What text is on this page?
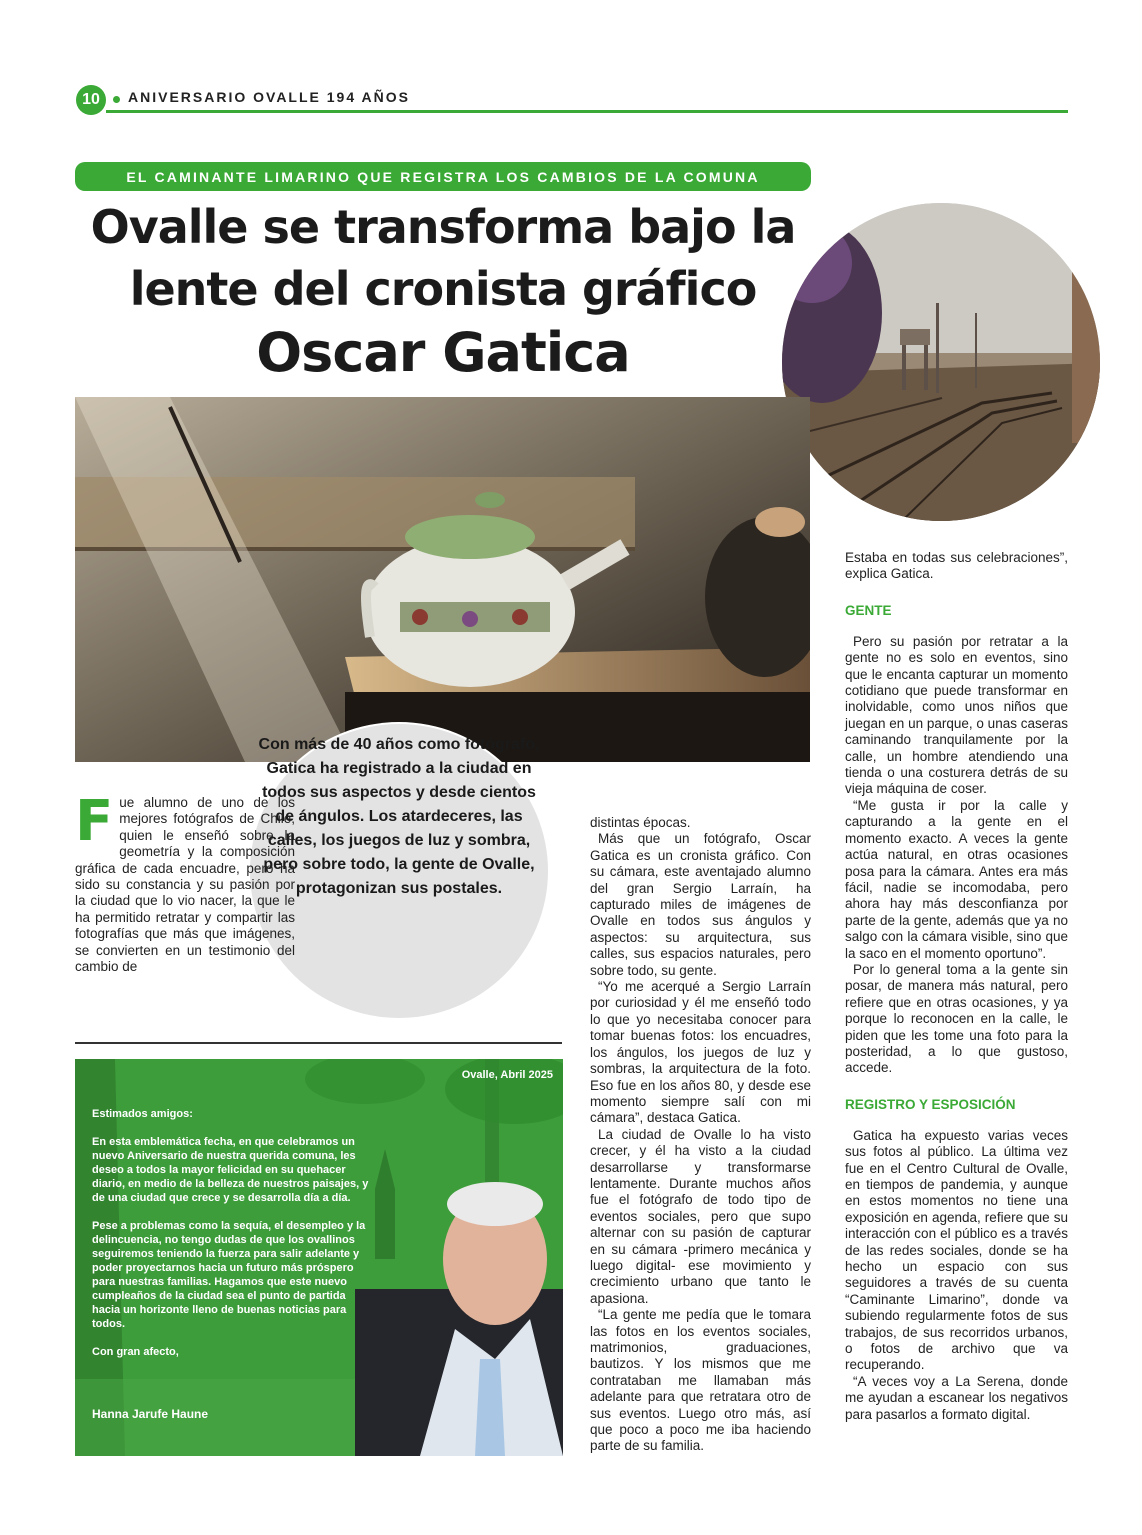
10	ANIVERSARIO OVALLE 194 AÑOS
EL CAMINANTE LIMARINO QUE REGISTRA LOS CAMBIOS DE LA COMUNA
Ovalle se transforma bajo la
lente del cronista gráfico
Oscar Gatica
Con más de 40 años como fotógrafo, Gatica ha registrado a la ciudad en todos sus aspectos y desde cientos de ángulos. Los atardeceres, las calles, los juegos de luz y sombra, pero sobre todo, la gente de Ovalle, protagonizan sus postales.
F ue alumno de uno de los mejores fotógrafos de Chile, quien le enseñó sobre la geometría y la composición gráfica de cada encuadre, pero ha sido su constancia y su pasión por la ciudad que lo vio nacer, la que le ha permitido retratar y compartir las fotografías que más que imágenes, se convierten en un testimonio del cambio de

distintas épocas.

Más que un fotógrafo, Oscar Gatica es un cronista gráfico. Con su cámara, este aventajado alumno del gran Sergio Larraín, ha capturado miles de imágenes de Ovalle en todos sus ángulos y aspectos: su arquitectura, sus calles, sus espacios naturales, pero sobre todo, su gente.

“Yo me acerqué a Sergio Larraín por curiosidad y él me enseñó todo lo que yo necesitaba conocer para tomar buenas fotos: los encuadres, los ángulos, los juegos de luz y sombras, la arquitectura de la foto. Eso fue en los años 80, y desde ese momento siempre salí con mi cámara”, destaca Gatica.

La ciudad de Ovalle lo ha visto crecer, y él ha visto a la ciudad desarrollarse y transformarse lentamente. Durante muchos años fue el fotógrafo de todo tipo de eventos sociales, pero que supo alternar con su pasión de capturar en su cámara -primero mecánica y luego digital- ese movimiento y crecimiento urbano que tanto le apasiona.

“La gente me pedía que le tomara las fotos en los eventos sociales, matrimonios, graduaciones, bautizos. Y los mismos que me contrataban me llamaban más adelante para que retratara otro de sus eventos. Luego otro más, así que poco a poco me iba haciendo parte de su familia.

Estaba en todas sus celebraciones”, explica Gatica.

GENTE

Pero su pasión por retratar a la gente no es solo en eventos, sino que le encanta capturar un momento cotidiano que puede transformar en inolvidable, como unos niños que juegan en un parque, o unas caseras caminando tranquilamente por la calle, un hombre atendiendo una tienda o una costurera detrás de su vieja máquina de coser.

“Me gusta ir por la calle y capturando a la gente en el momento exacto. A veces la gente actúa natural, en otras ocasiones posa para la cámara. Antes era más fácil, nadie se incomodaba, pero ahora hay más desconfianza por parte de la gente, además que ya no salgo con la cámara visible, sino que la saco en el momento oportuno”.

Por lo general toma a la gente sin posar, de manera más natural, pero refiere que en otras ocasiones, y ya porque lo reconocen en la calle, le piden que les tome una foto para la posteridad, a lo que gustoso, accede.

REGISTRO Y ESPOSICIÓN

Gatica ha expuesto varias veces sus fotos al público. La última vez fue en el Centro Cultural de Ovalle, en tiempos de pandemia, y aunque en estos momentos no tiene una exposición en agenda, refiere que su interacción con el público es a través de las redes sociales, donde se ha hecho un espacio con sus seguidores a través de su cuenta “Caminante Limarino”, donde va subiendo regularmente fotos de sus trabajos, de sus recorridos urbanos, o fotos de archivo que va recuperando.

“A veces voy a La Serena, donde me ayudan a escanear los negativos para pasarlos a formato digital.

Ovalle, Abril 2025

Estimados amigos:

En esta emblemática fecha, en que celebramos un nuevo Aniversario de nuestra querida comuna, les deseo a todos la mayor felicidad en su quehacer diario, en medio de la belleza de nuestros paisajes, y de una ciudad que crece y se desarrolla día a día.

Pese a problemas como la sequía, el desempleo y la delincuencia, no tengo dudas de que los ovallinos seguiremos teniendo la fuerza para salir adelante y poder proyectarnos hacia un futuro más próspero para nuestras familias. Hagamos que este nuevo cumpleaños de la ciudad sea el punto de partida hacia un horizonte lleno de buenas noticias para todos.

Con gran afecto,

Hanna Jarufe Haune
